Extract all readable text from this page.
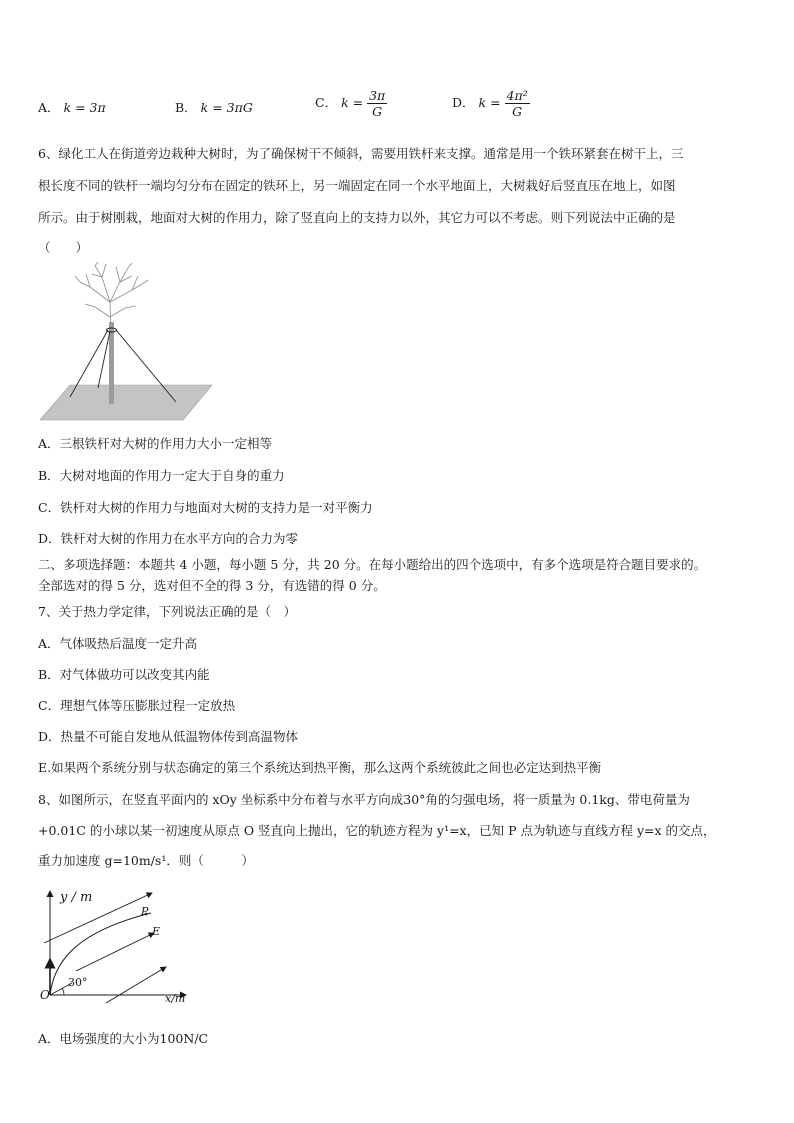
A． k = 3π	B． k = 3πG	C． $k = \frac{3\pi}{G}$	D． $k = \frac{\text{4π²}}{G}$
6、绿化工人在街道旁边栽种大树时，为了确保树干不倾斜，需要用铁杆来支撑。通常是用一个铁环紧套在树干上，三
根长度不同的铁杆一端均匀分布在固定的铁环上，另一端固定在同一个水平地面上，大树栽好后竖直压在地上，如图
所示。由于树刚栽，地面对大树的作用力，除了竖直向上的支持力以外，其它力可以不考虑。则下列说法中正确的是
（　　）
A．三根铁杆对大树的作用力大小一定相等
B．大树对地面的作用力一定大于自身的重力
C．铁杆对大树的作用力与地面对大树的支持力是一对平衡力
D．铁杆对大树的作用力在水平方向的合力为零
二、多项选择题：本题共 4 小题，每小题 5 分，共 20 分。在每小题给出的四个选项中，有多个选项是符合题目要求的。
全部选对的得 5 分，选对但不全的得 3 分，有选错的得 0 分。
7、关于热力学定律，下列说法正确的是（　）
A．气体吸热后温度一定升高
B．对气体做功可以改变其内能
C．理想气体等压膨胀过程一定放热
D．热量不可能自发地从低温物体传到高温物体
E.如果两个系统分别与状态确定的第三个系统达到热平衡，那么这两个系统彼此之间也必定达到热平衡
8、如图所示，在竖直平面内的 xOy 坐标系中分布着与水平方向成30°角的匀强电场，将一质量为 0.1kg、带电荷量为
+0.01C 的小球以某一初速度从原点 O 竖直向上抛出，它的轨迹方程为 y¹=x，已知 P 点为轨迹与直线方程 y=x 的交点，
重力加速度 g=10m/s¹．则（　　　）
y / m
x/m
O
30°
P
E
A．电场强度的大小为100N/C
